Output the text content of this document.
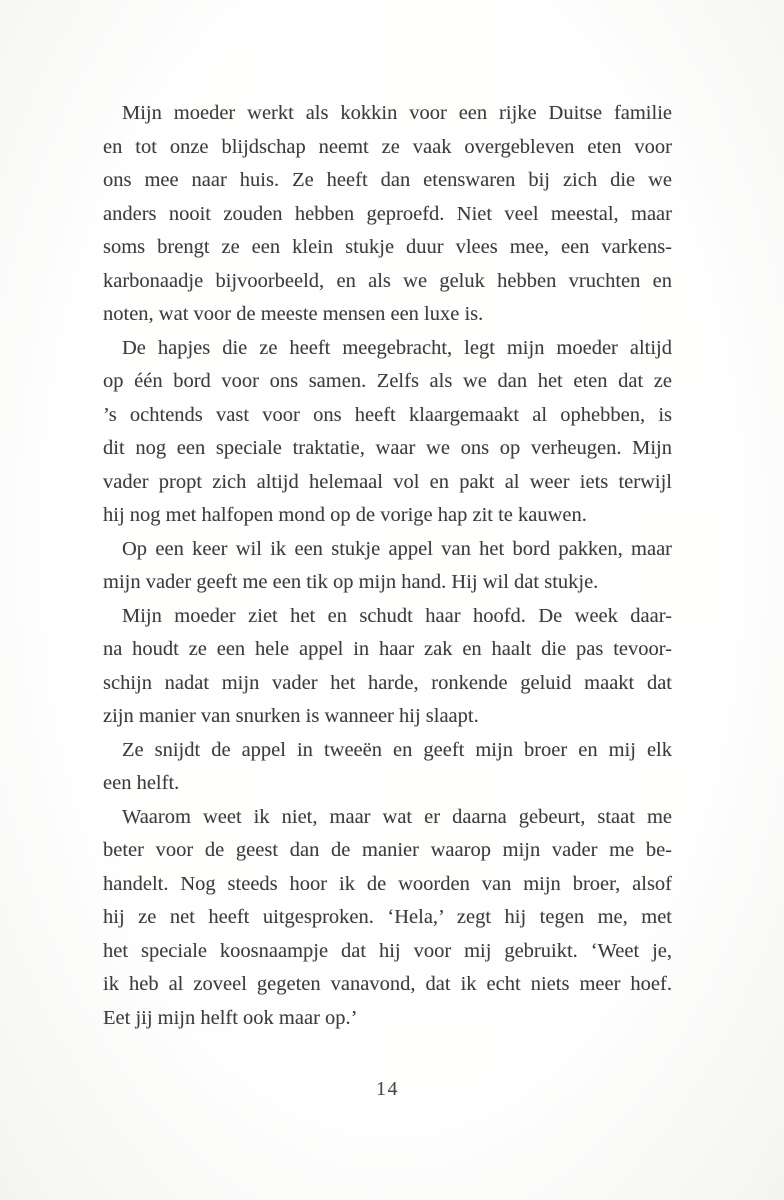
Mijn moeder werkt als kokkin voor een rijke Duitse familie
en tot onze blijdschap neemt ze vaak overgebleven eten voor
ons mee naar huis. Ze heeft dan etenswaren bij zich die we
anders nooit zouden hebben geproefd. Niet veel meestal, maar
soms brengt ze een klein stukje duur vlees mee, een varkens-
karbonaadje bijvoorbeeld, en als we geluk hebben vruchten en
noten, wat voor de meeste mensen een luxe is.

De hapjes die ze heeft meegebracht, legt mijn moeder altijd
op één bord voor ons samen. Zelfs als we dan het eten dat ze
’s ochtends vast voor ons heeft klaargemaakt al ophebben, is
dit nog een speciale traktatie, waar we ons op verheugen. Mijn
vader propt zich altijd helemaal vol en pakt al weer iets terwijl
hij nog met halfopen mond op de vorige hap zit te kauwen.

Op een keer wil ik een stukje appel van het bord pakken, maar
mijn vader geeft me een tik op mijn hand. Hij wil dat stukje.

Mijn moeder ziet het en schudt haar hoofd. De week daar-
na houdt ze een hele appel in haar zak en haalt die pas tevoor-
schijn nadat mijn vader het harde, ronkende geluid maakt dat
zijn manier van snurken is wanneer hij slaapt.

Ze snijdt de appel in tweeën en geeft mijn broer en mij elk
een helft.

Waarom weet ik niet, maar wat er daarna gebeurt, staat me
beter voor de geest dan de manier waarop mijn vader me be-
handelt. Nog steeds hoor ik de woorden van mijn broer, alsof
hij ze net heeft uitgesproken. ‘Hela,’ zegt hij tegen me, met
het speciale koosnaampje dat hij voor mij gebruikt. ‘Weet je,
ik heb al zoveel gegeten vanavond, dat ik echt niets meer hoef.
Eet jij mijn helft ook maar op.’

14
